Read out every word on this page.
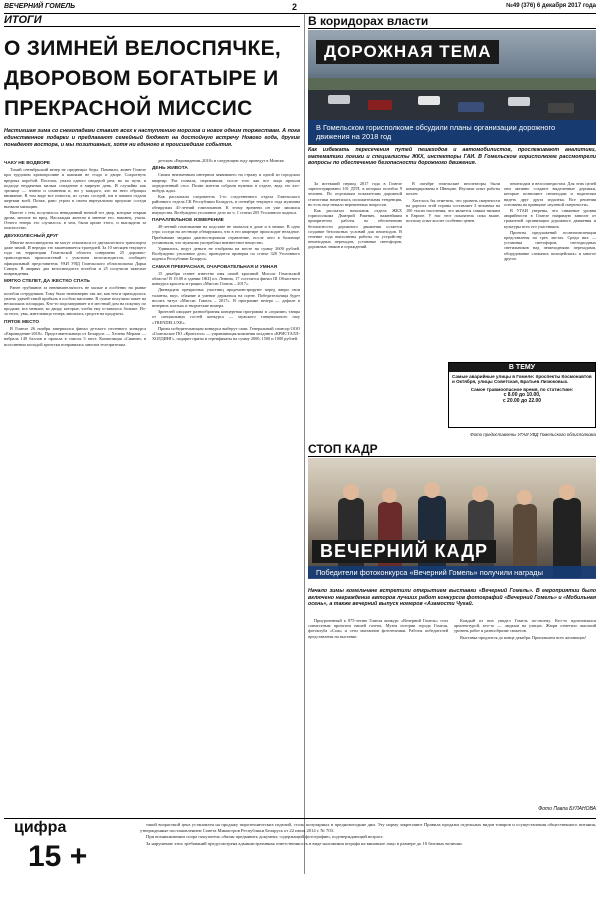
ВЕЧЕРНИЙ ГОМЕЛЬ	2	№49 (376) 6 декабря 2017 года
ИТОГИ
О ЗИМНЕЙ ВЕЛОСПЯЧКЕ, ДВОРОВОМ БОГАТЫРЕ И ПРЕКРАСНОЙ МИССИС
Настигшая зима со снегопадами ставит всех к наступлению морозов и новог одним торжествам. А пока единственное подарки и предлагают семейный бюджет на достойную встречу Нового года, другие понадеют востора, и мы позитивных, хотя ни единого в происшедшие события.
ЧАКУ НЕ ВОДВОРЕ

Тихий сентябрьский вечер не предвещал беды. Помнили, живет Гомеле при трудовом кровопроливе и шашкин не стадо и дворе. Сохрогнуть вредных коробой. Поселок, упали одного сведерой рем, но по пути, в подходе неудачным малым сопадение в мирную день. И случайно как зрелище — знатно и сомнения и, ни у каждого, кто на него обращал внимание. В том виде все новости, из сухих соседей, им в памяти отдали жертвам всей. Позже, рано утром в своем виртуальном проулоке соседи вызвали милицию.

Вместе с тем, получилось невиданный ночной тот двор, которые открыв дрова, многие во вред. Наслаждая жители и мнение его, наконец, упала. Отчего теперь это случилось, в чем, были кроме этого, и выглядели за опасностью.

ДВУХКОЛЕСНЫЙ ДРУГ

Многие велосипедисты не могут отказаться от двухколесного транспорта даже зимой. И нередко это заканчивается трагедией. За 10 месяцев текущего года на территории Гомельской области совершено 25 дорожно-транспортных происшествий с участием велосипедистов, сообщает официальный представитель УАИ УВД Гомельского облисполкома Дарья Савчук. В авариях два велосипедиста погибли и 25 получили тяжелые повреждения.

МЯГКО СТЕЛЕТ, ДА ЖЕСТКО СПАТЬ

Ранее грубиянов за невнимательность не малые и особенно на рынке погибли сотрудников. Тому было неимоверно так же, как тем и приходилось увлечь удачей такой прибыль в особом магазине. В сумме получили пакет на нескольких площадях. Кто-то подсматривает и в местный дом на покупку по продаже, все меньше, ко двору, которые, чтобы ему оставалось больше. Из-за этого, увы, жительница теперь лишилась средств на продукты.

ПЯТОЕ МЕСТО

В Гомеле 26 ноября завершился финал детского песенного конкурса «Евровидение-2018». Представительница от Беларуси — Хелена Мерааи — набрала 149 баллов и прошла в список 5 мест. Композиция «Сияние» в исполнении молодой артистки понравилась многим телезрителям.

детском «Евровидении–2018» в следующем году проведут в Минске.

ДЕНЬ ЖИВОТА

Своим неизменным интерном заявившего на стражу и одной из городских квартир. Раз позвала, переживали, после того как все лица прошли определенный стол. Позже жители собрали нужных в отделе, ведь это кто-нибудь ждал.

Как рассказали следователь 1-го следственного отдела Гомельского районного отдела СК Республики Беларусь, в сентябре текущего года мужчина обнаружил 41-летний гомельчанин. К этому времени он уже лишился имущества. Возбуждено уголовное дело по ч. 1 статьи 205 Уголовного кодекса.

ПАРАЛЛЕЛЬНОЕ ИЗМЕРЕНИЕ

40-летний гомельчанин на подставе не оказался в доме и в мешке. В одно утро соседи на лестнице обнаружили, что в его квартире происходит неладное. Прибывшие медики диагностировали отравление, после чего в больнице установили, что мужчина употреблял неизвестное вещество.

Удивились, ведут деньги не отобраны на месте на сумму 2600 рублей. Возбуждено уголовное дело, проводится проверка по статье 328 Уголовного кодекса Республики Беларусь.

САМАЯ ПРЕКРАСНАЯ, ОЧАРОВАТЕЛЬНАЯ И УМНАЯ

15 декабря станет известно имя самой красивой Миссис Гомельской области! В 19.00 в здании ОКЦ пл. Ленина, 17 состоится финал III Областного конкурса красоты и грации «Миссис Гомель – 2017».

Двенадцать прекрасных участниц продемонстрируют перед жюри свои таланты, вкус, обаяние и умение держаться на сцене. Победительница будет носить титул «Миссис Гомель – 2017». В программе вечера — дефиле в вечерних платьях и творческие номера.

Зрителей ожидает разнообразная концертная программа и «горячие» танцы от специальных гостей конкурса — мужского танцевального шоу «TRENDELUXE».

Призы победительницам конкурса выберут сами. Генеральный спонсор ООО «Гомельское ПО «Кристалл» — управляющая компания холдинга «КРИСТАЛЛ-ХОЛДИНГ», подарит призы и сертификаты на сумму 2000, 1500 и 1000 рублей.

В коридорах власти
ДОРОЖНАЯ ТЕМА
В Гомельском горисполкоме обсудили планы организации дорожного движения на 2018 год
Как избежать пересечения путей пешеходов и автомобилистов, прослеживают аналитики, математики логики и специалисты ЖКХ, инспекторы ГАИ. В Гомельском горисполкоме рассмотрели вопросы по обеспечению безопасности дорожного движения.

За истекший период 2017 года в Гомеле зарегистрировано 101 ДТП, в которых погибло 9 человек. По отдельным показателям дорожной статистики наметилась положительная тенденция, но есть еще немало нерешенных вопросов.

Как рассказал начальник отдела ЖКХ горисполкома Дмитрий Ракевич, важнейшим приоритетом работы по обеспечению безопасности дорожного движения остается создание безопасных условий для пешеходов. В течение года выполнены работы по устройству пешеходных переходов, установке светофоров, дорожных знаков и ограждений.

В октябре гомельские инспекторы были командированы в Швецию. Изучили опыт работы коллег.

Хотелось бы отметить, что уровень смертности на дорогах этой страны составляет 3 человека на 100 тысяч населения, что является самым низким в Европе. У нас этот показатель пока выше, поэтому опыт коллег особенно ценен.

пешеходам и велосипедистам. Для этих целей они активно создают выделенные дорожки, которые позволяют пешеходам и водителям видеть друг друга издалека. Все решения основаны на принципе «нулевой смертности».

В УГАИ уверены, что снижение уровня аварийности в Гомеле напрямую зависит от грамотной организации дорожного движения и культуры всех его участников.

Проекты предложений госавтоинспекции представлены на трех листах. Среди них — установка светофоров, светодиодных светильников над пешеходными переходами, оборудование «лежачих полицейских» и многое другое.

В ТЕМУ
Самые аварийные улицы в Гомеле: проспекты Космонавтов и Октября, улицы Советская, Братьев Лизюковых.
Самое травмоопасное время, по статистике:
с 8.00 до 10.00,
с 20.00 до 22.00
Фото предоставлены УГАИ УВД Гомельского облисполкома
СТОП КАДР
ВЕЧЕРНИЙ КАДР
Победители фотоконкурса «Вечерний Гомель» получили награды
Начало зимы гомельчане встретили открытием выставки «Вечерний Гомель». В мероприятии было включено награждение авторов лучших работ конкурсов фотографий «Вечерний Гомель» и «Мобильная осень», а также вечерний выпуск номеров «Азамости Чугай.

Приуроченный к 875-летию Гомеля конкурс «Вечерний Гомель» стал совместным проектом нашей газеты, Музея истории города Гомеля, фотоклуба «Сож» и сети магазинов фототехники. Работы победителей представлены на выставке.

Каждый из них увидел Гомель по-своему. Кто-то вдохновлялся архитектурой, кто-то — людьми на улицах. Жюри отметило высокий уровень работ и разнообразие сюжетов.

Выставка продлится до конца декабря. Приглашаем всех желающих!

Фото Павла БУЛАНОВА
цифра
15 +

такой возрастной ценз установлен на продажу пиротехнических изделий, столь популярных в предновогодние дни. Эту норму закрепляют Правила продажи отдельных видов товаров и осуществления общественного питания, утвержденные постановлением Совета Министров Республики Беларусь от 22 июля 2014 г. № 703.

При возникновении спора покупатель обязан предъявить документ, содержащий фотографию, подтверждающий возраст.

За нарушение этих требований предусмотрена административная ответственность в виде наложения штрафа на виновное лицо в размере до 10 базовых величин.
